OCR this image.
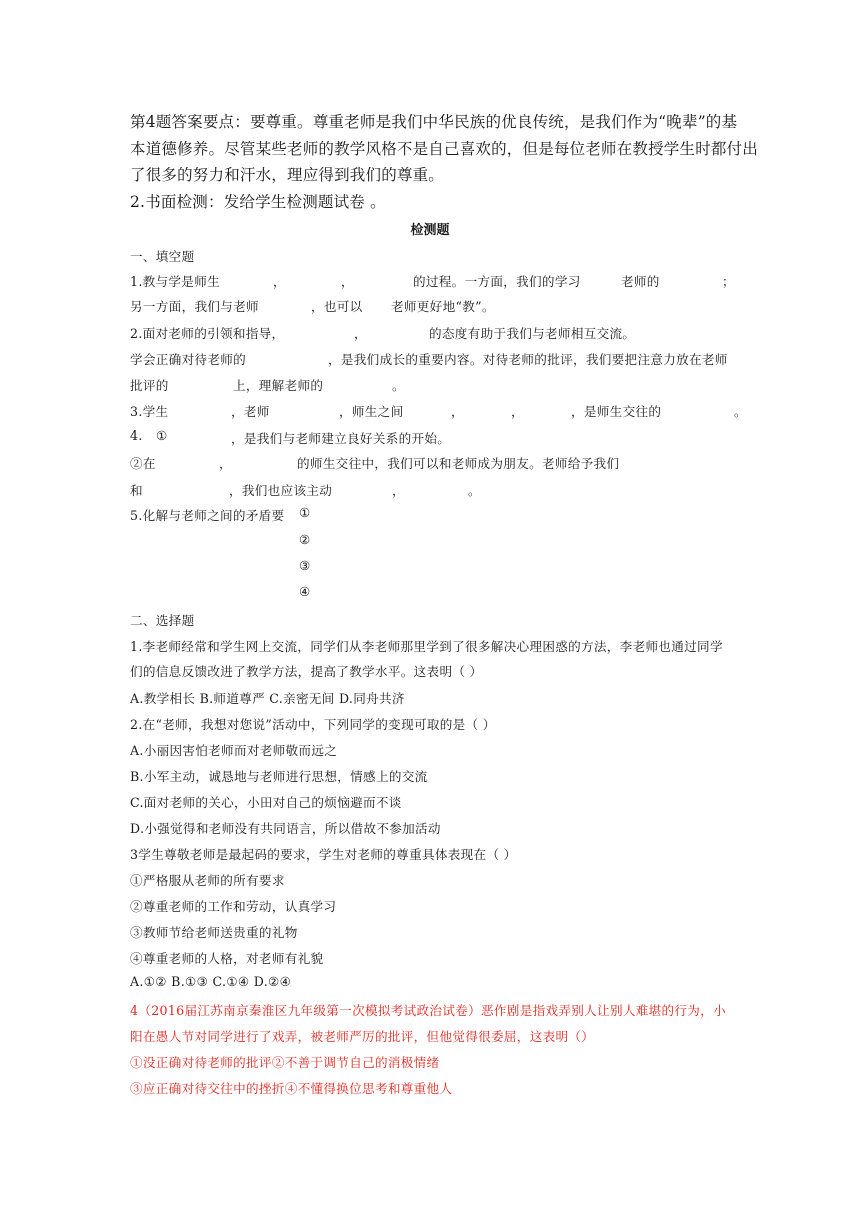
第4题答案要点：要尊重。尊重老师是我们中华民族的优良传统，是我们作为“晚辈”的基
本道德修养。尽管某些老师的教学风格不是自己喜欢的，但是每位老师在教授学生时都付出
了很多的努力和汗水，理应得到我们的尊重。
2.书面检测：发给学生检测题试卷 。
检测题
一、填空题
1.教与学是师生	，	，	的过程。一方面，我们的学习	老师的	；
另一方面，我们与老师	，也可以 老师更好地“教”。
2.面对老师的引领和指导，	，	的态度有助于我们与老师相互交流。
学会正确对待老师的	，是我们成长的重要内容。对待老师的批评，我们要把注意力放在老师
批评的	上，理解老师的	。
3.学生	，老师	，师生之间	，	，	，是师生交往的	。
4. ①	，是我们与老师建立良好关系的开始。
②在	，	的师生交往中，我们可以和老师成为朋友。老师给予我们
和	，我们也应该主动	，	。
5.化解与老师之间的矛盾要 ①
②
③
④
二、选择题
1.李老师经常和学生网上交流，同学们从李老师那里学到了很多解决心理困惑的方法，李老师也通过同学
们的信息反馈改进了教学方法，提高了教学水平。这表明（ ）
A.教学相长 B.师道尊严 C.亲密无间 D.同舟共济
2.在“老师，我想对您说”活动中，下列同学的变现可取的是（ ）
A.小丽因害怕老师而对老师敬而远之
B.小军主动，诚恳地与老师进行思想，情感上的交流
C.面对老师的关心，小田对自己的烦恼避而不谈
D.小强觉得和老师没有共同语言，所以借故不参加活动
3学生尊敬老师是最起码的要求，学生对老师的尊重具体表现在（ ）
①严格服从老师的所有要求
②尊重老师的工作和劳动，认真学习
③教师节给老师送贵重的礼物
④尊重老师的人格，对老师有礼貌
A.①② B.①③ C.①④ D.②④
4（2016届江苏南京秦淮区九年级第一次模拟考试政治试卷）恶作剧是指戏弄别人让别人难堪的行为，小
阳在愚人节对同学进行了戏弄，被老师严厉的批评，但他觉得很委屈，这表明（）
①没正确对待老师的批评②不善于调节自己的消极情绪
③应正确对待交往中的挫折④不懂得换位思考和尊重他人
